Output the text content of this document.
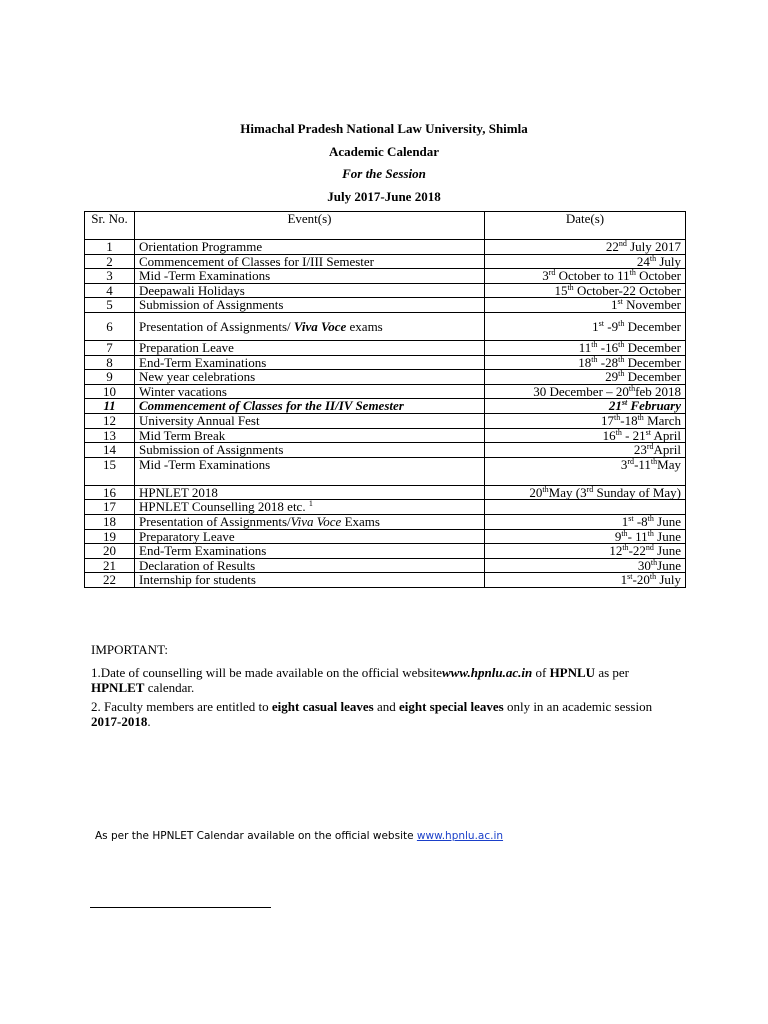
Himachal Pradesh National Law University, Shimla
Academic Calendar
For the Session
July 2017-June 2018
Sr. No.	Event(s)	Date(s)
1	Orientation Programme	22nd July 2017
2	Commencement of Classes for I/III Semester	24th July
3	Mid -Term Examinations	3rd October to 11th October
4	Deepawali Holidays	15th October-22 October
5	Submission of Assignments	1st November
6	Presentation of Assignments/ Viva Voce exams	1st -9th December
7	Preparation Leave	11th -16th December
8	End-Term Examinations	18th -28th December
9	New year celebrations	29th December
10	Winter vacations	30 December – 20thfeb 2018
11	Commencement of Classes for the II/IV Semester	21st February
12	University Annual Fest	17th-18th March
13	Mid Term Break	16th - 21st April
14	Submission of Assignments	23rdApril
15	Mid -Term Examinations	3rd-11thMay
16	HPNLET 2018	20thMay (3rd Sunday of May)
17	HPNLET Counselling 2018 etc. $^1$	
18	Presentation of Assignments/Viva Voce Exams	1st -8th June
19	Preparatory Leave	9th- 11th June
20	End-Term Examinations	12th-22nd June
21	Declaration of Results	30thJune
22	Internship for students	1st-20th July
IMPORTANT:
1.Date of counselling will be made available on the official websitewww.hpnlu.ac.in of HPNLU as per HPNLET calendar.
2. Faculty members are entitled to eight casual leaves and eight special leaves only in an academic session 2017-2018.
As per the HPNLET Calendar available on the official website www.hpnlu.ac.in
